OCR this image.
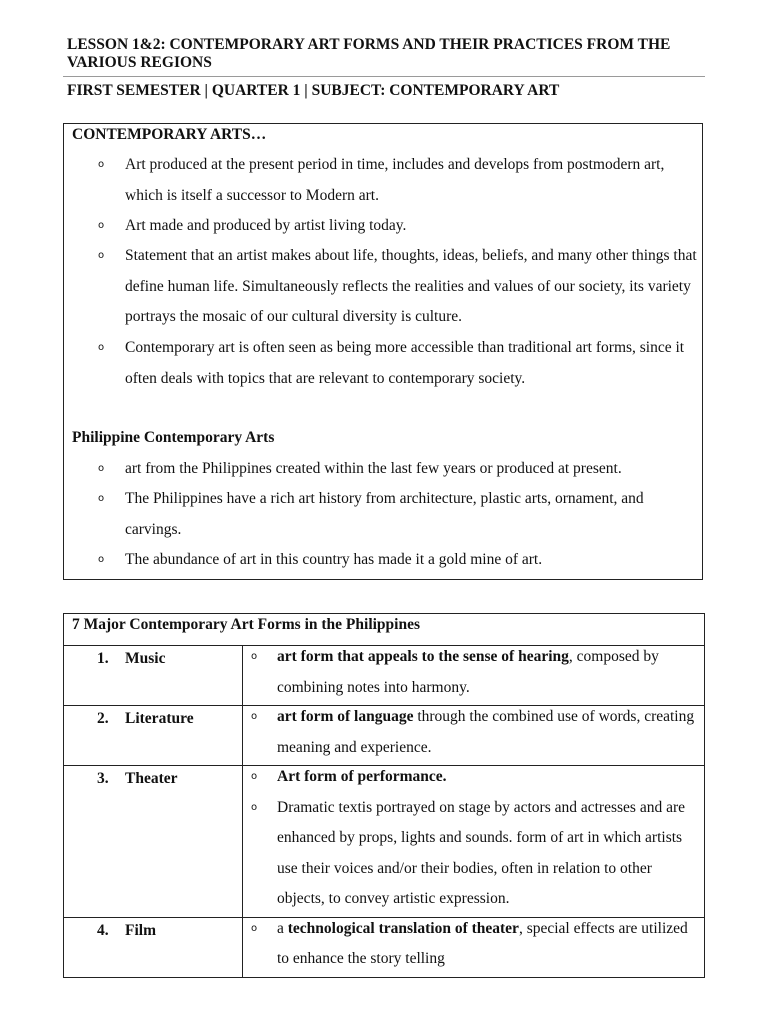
LESSON 1&2: CONTEMPORARY ART FORMS AND THEIR PRACTICES FROM THE VARIOUS REGIONS
FIRST SEMESTER | QUARTER 1 | SUBJECT: CONTEMPORARY ART
CONTEMPORARY ARTS…
o Art produced at the present period in time, includes and develops from postmodern art, which is itself a successor to Modern art.
o Art made and produced by artist living today.
o Statement that an artist makes about life, thoughts, ideas, beliefs, and many other things that define human life. Simultaneously reflects the realities and values of our society, its variety portrays the mosaic of our cultural diversity is culture.
o Contemporary art is often seen as being more accessible than traditional art forms, since it often deals with topics that are relevant to contemporary society.
Philippine Contemporary Arts
o art from the Philippines created within the last few years or produced at present.
o The Philippines have a rich art history from architecture, plastic arts, ornament, and carvings.
o The abundance of art in this country has made it a gold mine of art.
7 Major Contemporary Art Forms in the Philippines	

1. Music	o art form that appeals to the sense of hearing, composed by combining notes into harmony.

2. Literature	o art form of language through the combined use of words, creating meaning and experience.

3. Theater	o Art form of performance.
o Dramatic textis portrayed on stage by actors and actresses and are enhanced by props, lights and sounds. form of art in which artists use their voices and/or their bodies, often in relation to other objects, to convey artistic expression.

4. Film	o a technological translation of theater, special effects are utilized to enhance the story telling
